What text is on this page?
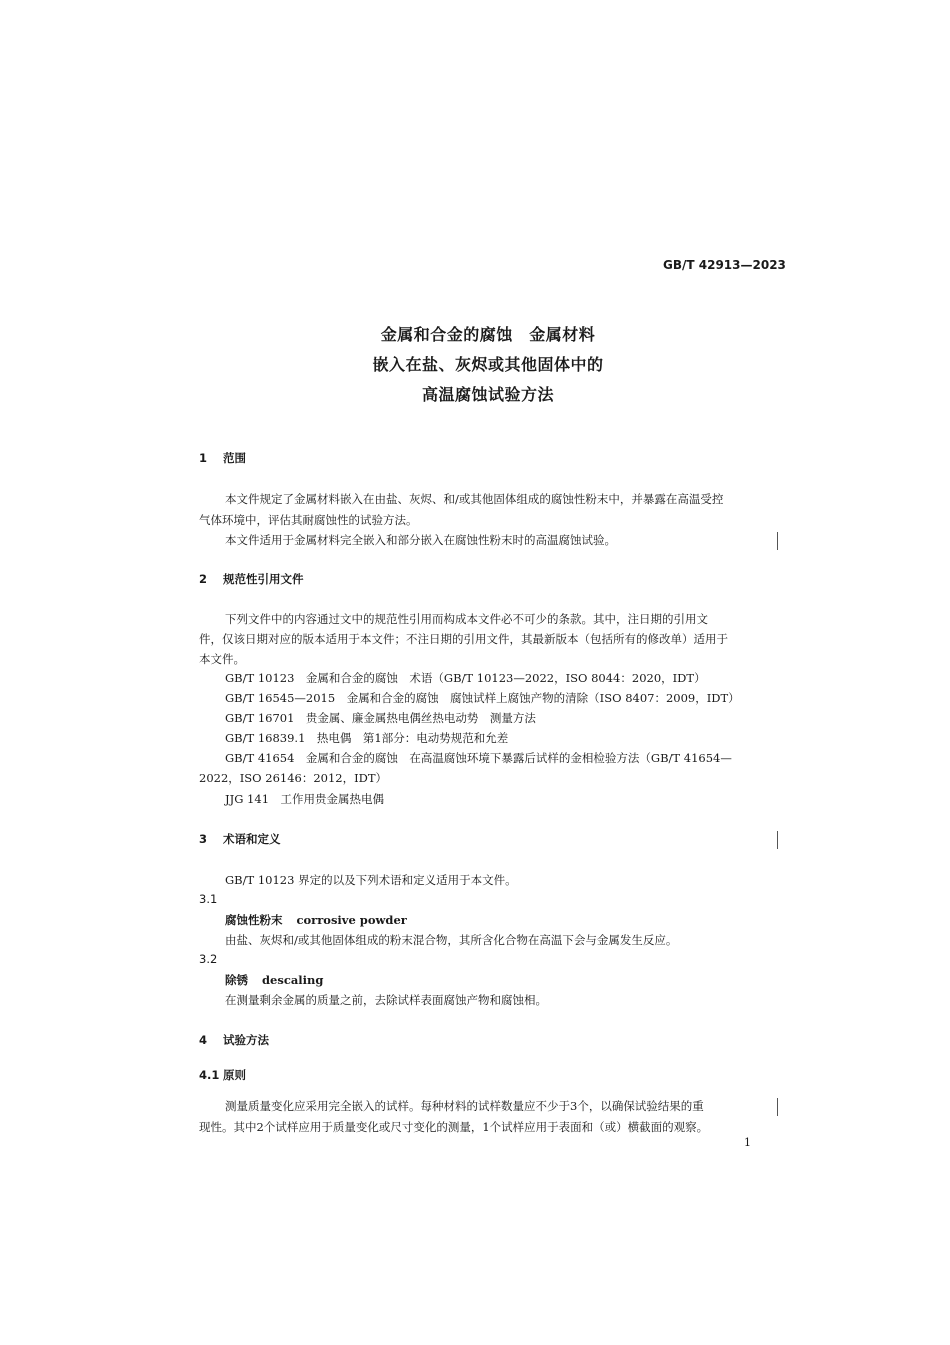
GB/T 42913—2023
金属和合金的腐蚀　金属材料
嵌入在盐、灰烬或其他固体中的
高温腐蚀试验方法
1 范围
本文件规定了金属材料嵌入在由盐、灰烬、和/或其他固体组成的腐蚀性粉末中，并暴露在高温受控
气体环境中，评估其耐腐蚀性的试验方法。
本文件适用于金属材料完全嵌入和部分嵌入在腐蚀性粉末时的高温腐蚀试验。
2 规范性引用文件
下列文件中的内容通过文中的规范性引用而构成本文件必不可少的条款。其中，注日期的引用文
件，仅该日期对应的版本适用于本文件；不注日期的引用文件，其最新版本（包括所有的修改单）适用于
本文件。
GB/T 10123　金属和合金的腐蚀　术语（GB/T 10123—2022，ISO 8044：2020，IDT）
GB/T 16545—2015　金属和合金的腐蚀　腐蚀试样上腐蚀产物的清除（ISO 8407：2009，IDT）
GB/T 16701　贵金属、廉金属热电偶丝热电动势　测量方法
GB/T 16839.1　热电偶　第1部分：电动势规范和允差
GB/T 41654　金属和合金的腐蚀　在高温腐蚀环境下暴露后试样的金相检验方法（GB/T 41654—
2022，ISO 26146：2012，IDT）
JJG 141　工作用贵金属热电偶
3 术语和定义
GB/T 10123 界定的以及下列术语和定义适用于本文件。
3.1
腐蚀性粉末 corrosive powder
由盐、灰烬和/或其他固体组成的粉末混合物，其所含化合物在高温下会与金属发生反应。
3.2
除锈 descaling
在测量剩余金属的质量之前，去除试样表面腐蚀产物和腐蚀相。
4 试验方法
4.1 原则
测量质量变化应采用完全嵌入的试样。每种材料的试样数量应不少于3个，以确保试验结果的重
现性。其中2个试样应用于质量变化或尺寸变化的测量，1个试样应用于表面和（或）横截面的观察。
1
